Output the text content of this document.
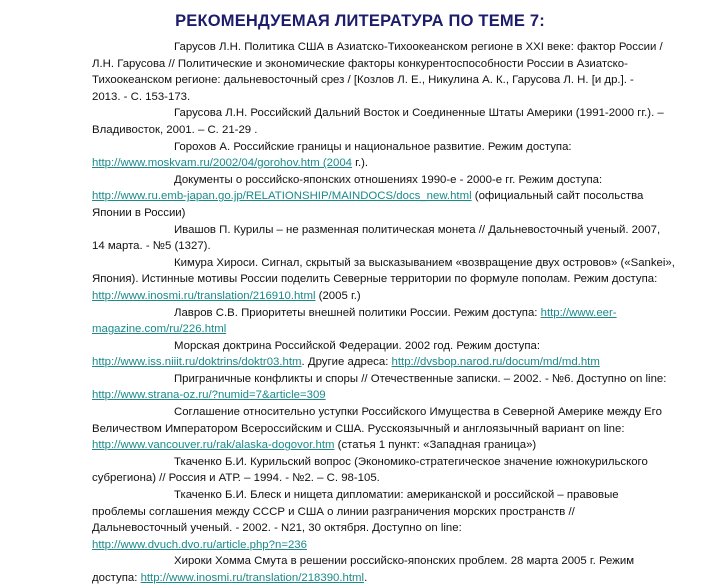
РЕКОМЕНДУЕМАЯ ЛИТЕРАТУРА ПО ТЕМЕ 7:
Гарусов Л.Н. Политика США в Азиатско-Тихоокеанском регионе в XXI веке: фактор России /
Л.Н. Гарусова // Политические и экономические факторы конкурентоспособности России в Азиатско-
Тихоокеанском регионе: дальневосточный срез / [Козлов Л. Е., Никулина А. К., Гарусова Л. Н. [и др.]. -
2013. - С. 153-173.
Гарусова Л.Н. Российский Дальний Восток и Соединенные Штаты Америки (1991-2000 гг.). –
Владивосток, 2001. – С. 21-29 .
Горохов А. Российские границы и национальное развитие. Режим доступа:
http://www.moskvam.ru/2002/04/gorohov.htm (2004 г.).
Документы о российско-японских отношениях 1990-е - 2000-е гг. Режим доступа:
http://www.ru.emb-japan.go.jp/RELATIONSHIP/MAINDOCS/docs_new.html (официальный сайт посольства
Японии в России)
Ивашов П. Курилы – не разменная политическая монета // Дальневосточный ученый. 2007,
14 марта. - №5 (1327).
Кимура Хироси. Сигнал, скрытый за высказыванием «возвращение двух островов» («Sankei»,
Япония). Истинные мотивы России поделить Северные территории по формуле пополам. Режим доступа:
http://www.inosmi.ru/translation/216910.html (2005 г.)
Лавров С.В. Приоритеты внешней политики России. Режим доступа: http://www.eer-
magazine.com/ru/226.html
Морская доктрина Российской Федерации. 2002 год. Режим доступа:
http://www.iss.niiit.ru/doktrins/doktr03.htm. Другие адреса: http://dvsbop.narod.ru/docum/md/md.htm
Приграничные конфликты и споры // Отечественные записки. – 2002. - №6. Доступно on line:
http://www.strana-oz.ru/?numid=7&article=309
Соглашение относительно уступки Российского Имущества в Северной Америке между Его
Величеством Императором Всероссийским и США. Русскоязычный и англоязычный вариант on line:
http://www.vancouver.ru/rak/alaska-dogovor.htm (статья 1 пункт: «Западная граница»)
Ткаченко Б.И. Курильский вопрос (Экономико-стратегическое значение южнокурильского
субрегиона) // Россия и АТР. – 1994. - №2. – С. 98-105.
Ткаченко Б.И. Блеск и нищета дипломатии: американской и российской – правовые
проблемы соглашения между СССР и США о линии разграничения морских пространств //
Дальневосточный ученый. - 2002. - N21, 30 октября. Доступно on line:
http://www.dvuch.dvo.ru/article.php?n=236
Хироки Хомма Смута в решении российско-японских проблем. 28 марта 2005 г. Режим
доступа: http://www.inosmi.ru/translation/218390.html.
